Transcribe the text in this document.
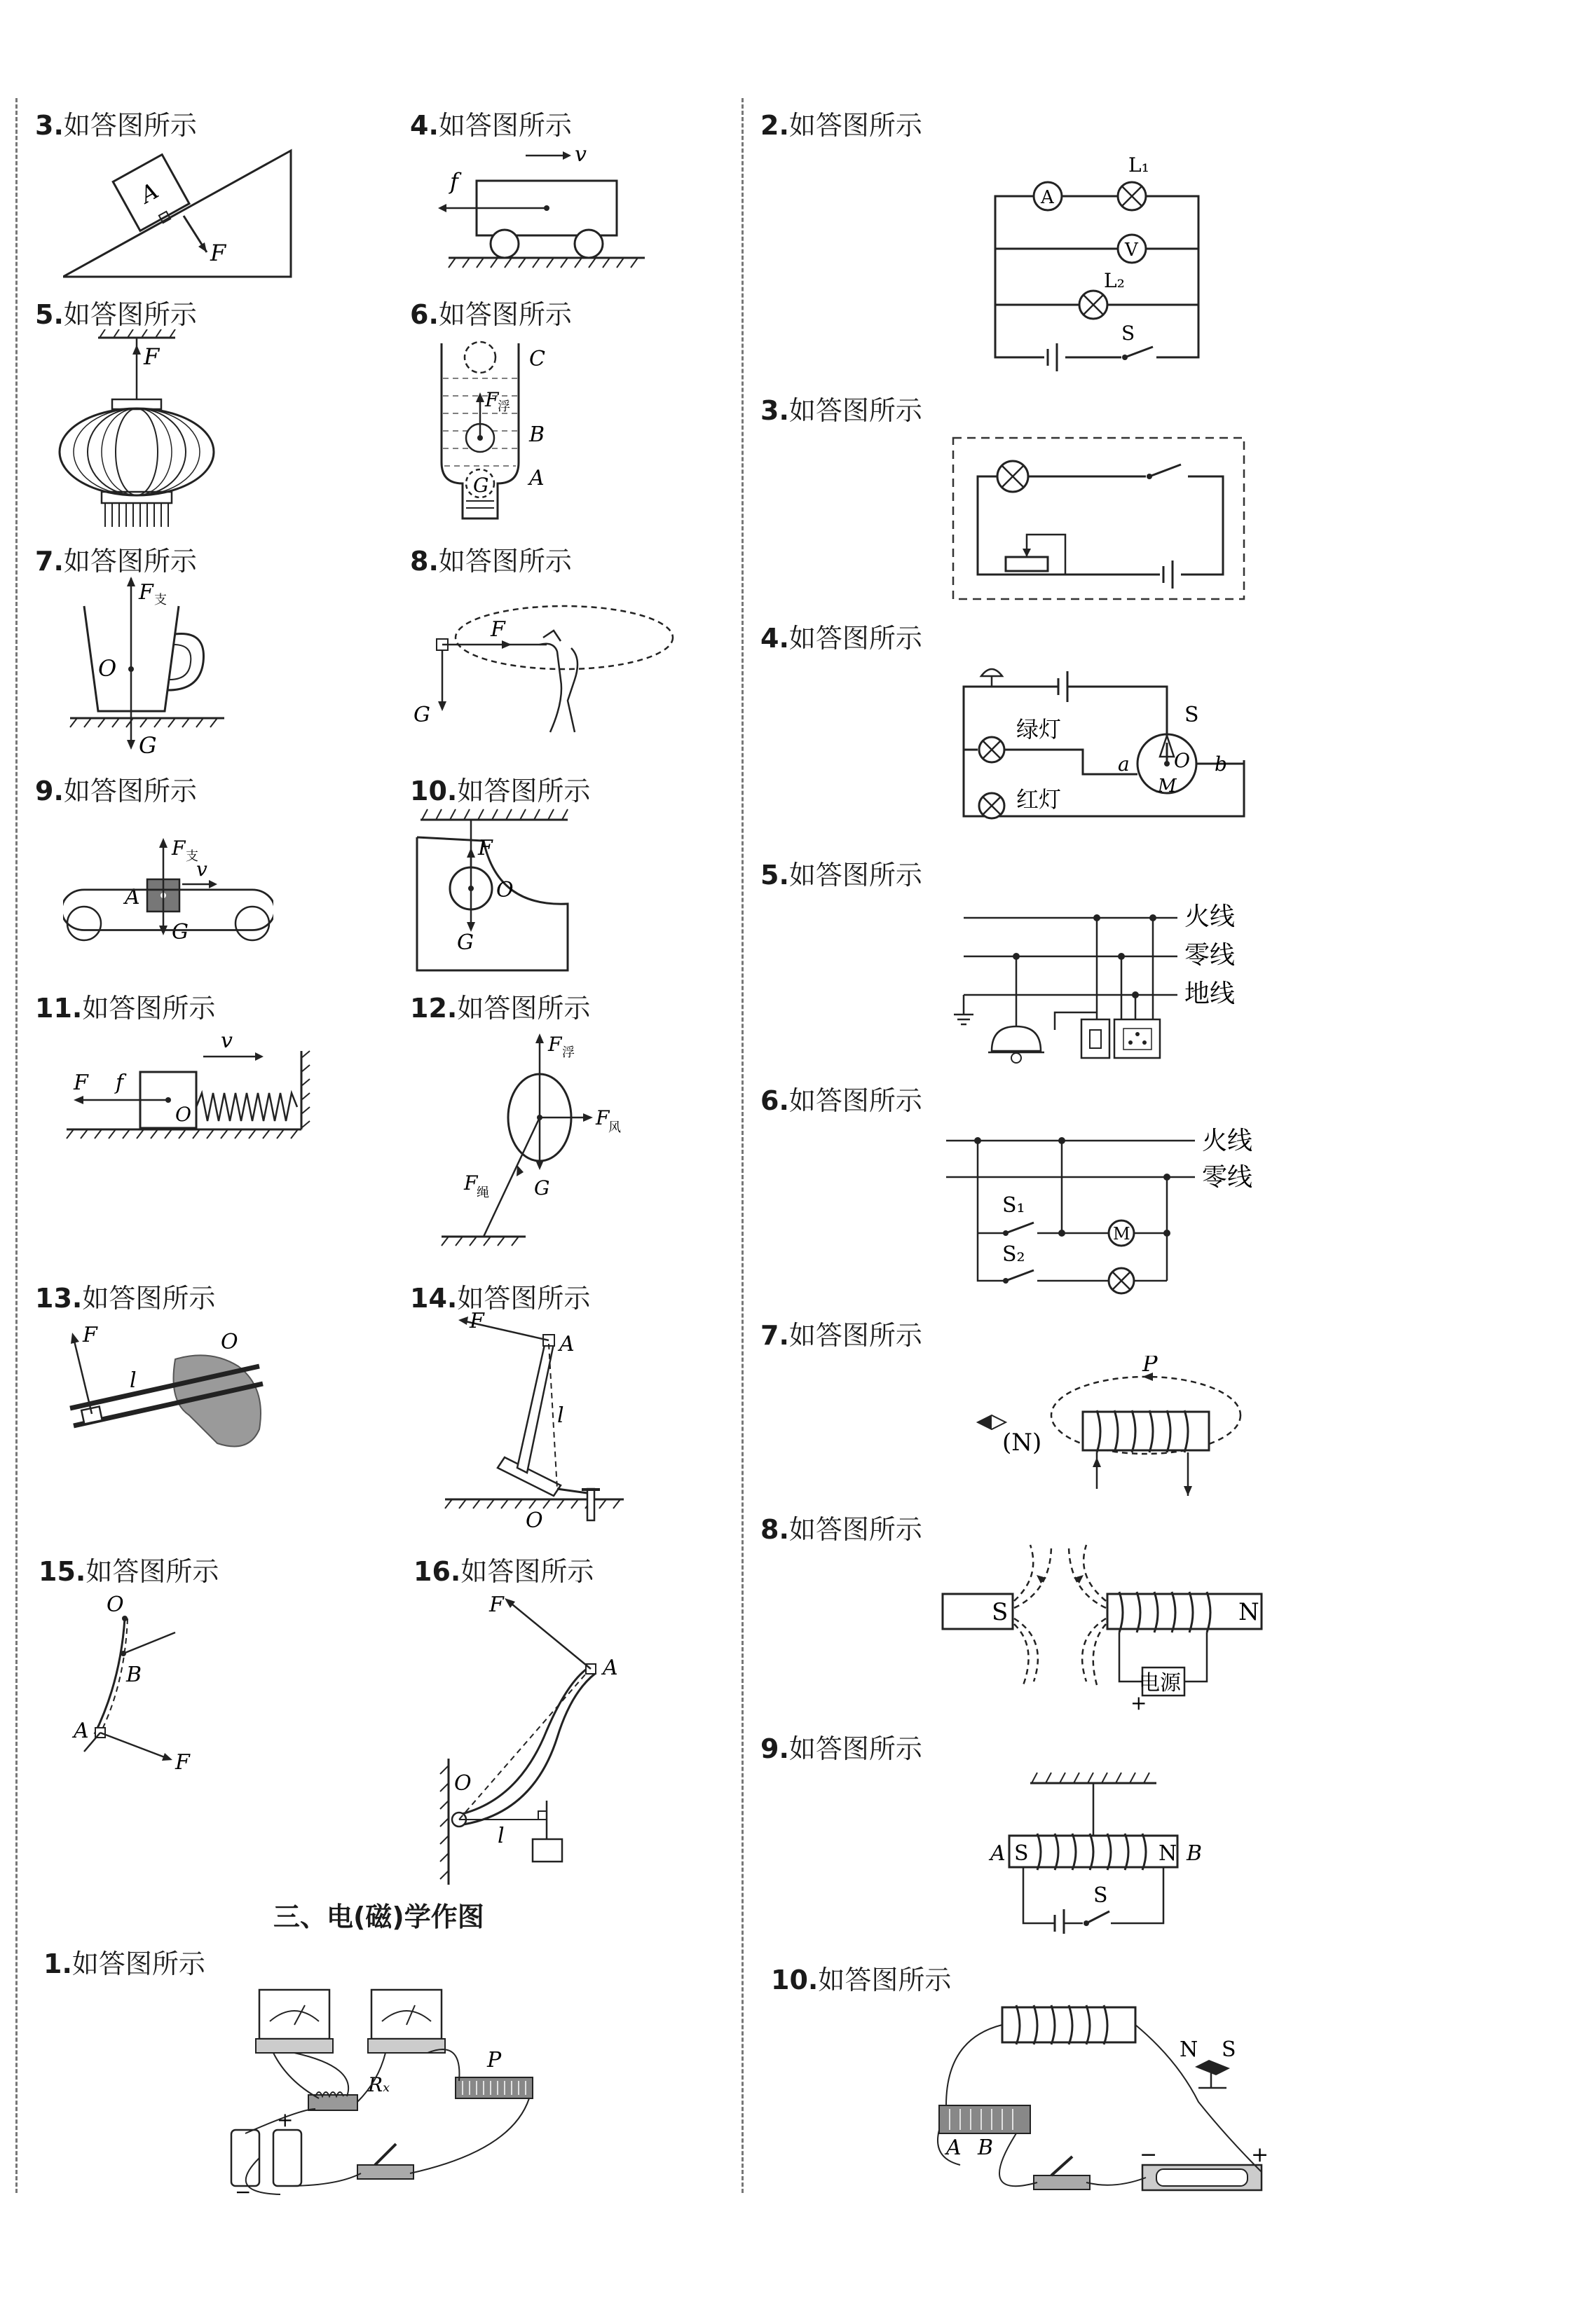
3.如答图所示
A
F
4.如答图所示
v
f
5.如答图所示
F
6.如答图所示
F
浮
G
C
B
A
7.如答图所示
F 支
O
G
8.如答图所示
F
G
9.如答图所示
F 支
G
v
A
10.如答图所示
F
G
O
11.如答图所示
v
O
F f
12.如答图所示
F 浮
F
风
G
F
绳
13.如答图所示
F
l
O
14.如答图所示
F
A
l
O
15.如答图所示
O
B
F
A
16.如答图所示
O
A
F
l
三、电(磁)学作图
1.如答图所示
Rₓ
P
+
−
2.如答图所示
A
L₁
V
L₂
S
3.如答图所示
4.如答图所示
S
O
M
绿灯
a
红灯
b
5.如答图所示
火线
零线
地线
6.如答图所示
火线
零线
S₁
M
S₂
7.如答图所示
P
(N)
8.如答图所示
S	N
电源
+
9.如答图所示
S	N
A	B
S
10.如答图所示
N S
A B	−	+
